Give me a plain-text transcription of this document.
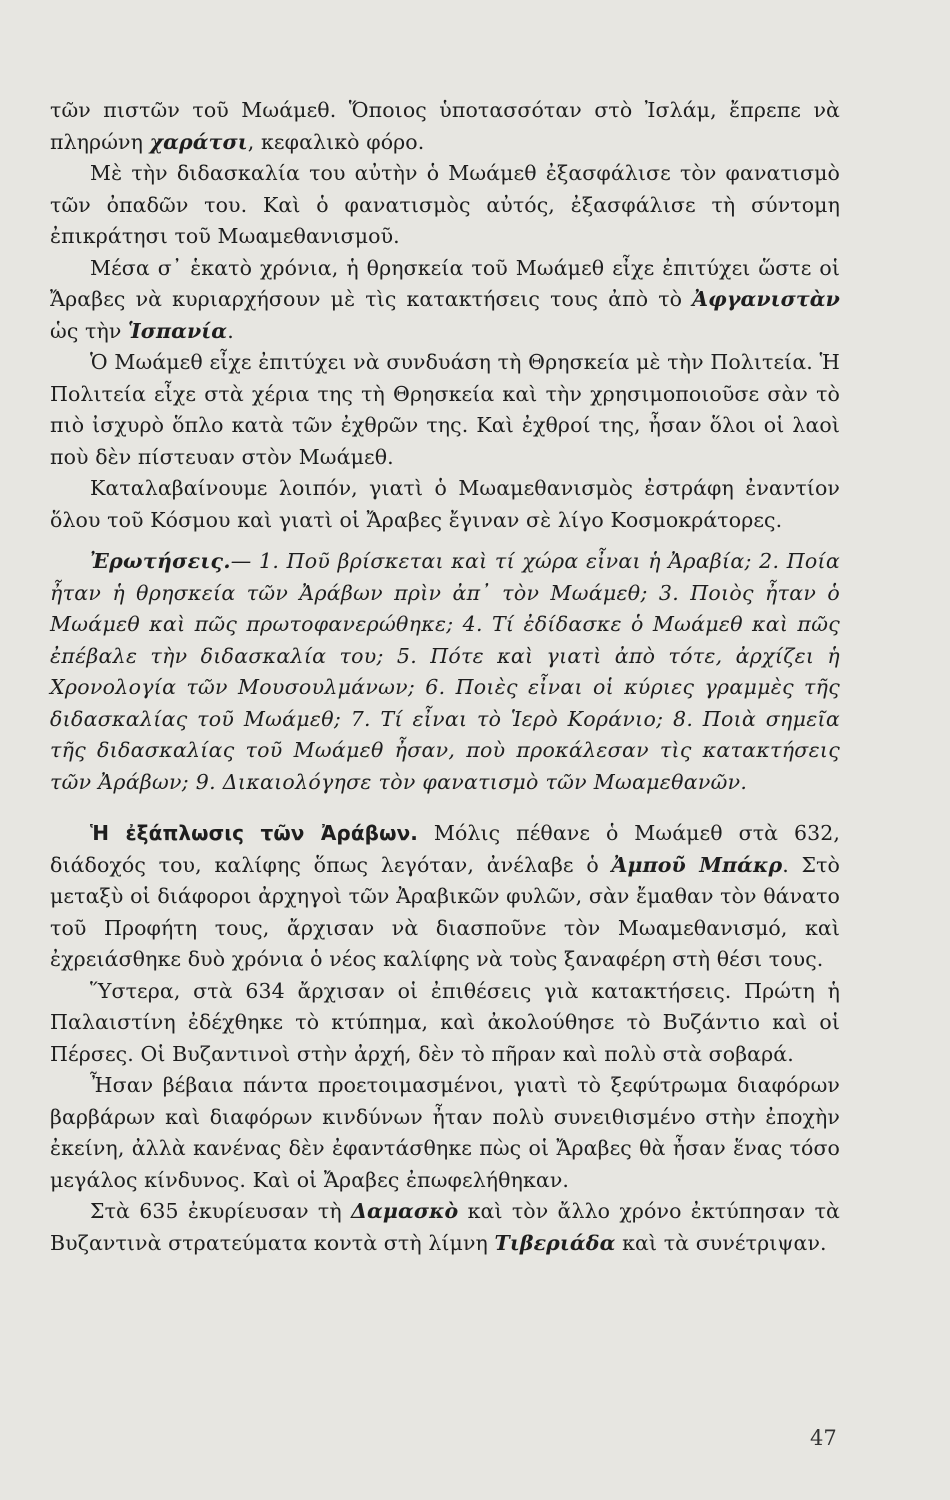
τῶν πιστῶν τοῦ Μωάμεθ. Ὅποιος ὑποτασσόταν στὸ Ἰσλάμ, ἔπρεπε νὰ πληρώνη χαράτσι, κεφαλικὸ φόρο.

Μὲ τὴν διδασκαλία του αὐτὴν ὁ Μωάμεθ ἐξασφάλισε τὸν φανατισμὸ τῶν ὀπαδῶν του. Καὶ ὁ φανατισμὸς αὐτός, ἐξασφάλισε τὴ σύντομη ἐπικράτησι τοῦ Μωαμεθανισμοῦ.

Μέσα σ᾽ ἑκατὸ χρόνια, ἡ θρησκεία τοῦ Μωάμεθ εἶχε ἐπιτύχει ὥστε οἱ Ἄραβες νὰ κυριαρχήσουν μὲ τὶς κατακτήσεις τους ἀπὸ τὸ Ἀφγανιστὰν ὡς τὴν Ἱσπανία.

Ὁ Μωάμεθ εἶχε ἐπιτύχει νὰ συνδυάση τὴ Θρησκεία μὲ τὴν Πολιτεία. Ἡ Πολιτεία εἶχε στὰ χέρια της τὴ Θρησκεία καὶ τὴν χρησιμοποιοῦσε σὰν τὸ πιὸ ἰσχυρὸ ὅπλο κατὰ τῶν ἐχθρῶν της. Καὶ ἐχθροί της, ἦσαν ὅλοι οἱ λαοὶ ποὺ δὲν πίστευαν στὸν Μωάμεθ.

Καταλαβαίνουμε λοιπόν, γιατὶ ὁ Μωαμεθανισμὸς ἐστράφη ἐναντίον ὅλου τοῦ Κόσμου καὶ γιατὶ οἱ Ἄραβες ἔγιναν σὲ λίγο Κοσμοκράτορες.

Ἐρωτήσεις.— 1. Ποῦ βρίσκεται καὶ τί χώρα εἶναι ἡ Ἀραβία; 2. Ποία ἦταν ἡ θρησκεία τῶν Ἀράβων πρὶν ἀπ᾽ τὸν Μωάμεθ; 3. Ποιὸς ἦταν ὁ Μωάμεθ καὶ πῶς πρωτοφανερώθηκε; 4. Τί ἐδίδασκε ὁ Μωάμεθ καὶ πῶς ἐπέβαλε τὴν διδασκαλία του; 5. Πότε καὶ γιατὶ ἀπὸ τότε, ἀρχίζει ἡ Χρονολογία τῶν Μουσουλμάνων; 6. Ποιὲς εἶναι οἱ κύριες γραμμὲς τῆς διδασκαλίας τοῦ Μωάμεθ; 7. Τί εἶναι τὸ Ἱερὸ Κοράνιο; 8. Ποιὰ σημεῖα τῆς διδασκαλίας τοῦ Μωάμεθ ἦσαν, ποὺ προκάλεσαν τὶς κατακτήσεις τῶν Ἀράβων; 9. Δικαιολόγησε τὸν φανατισμὸ τῶν Μωαμεθανῶν.

Ἡ ἐξάπλωσις τῶν Ἀράβων. Μόλις πέθανε ὁ Μωάμεθ στὰ 632, διάδοχός του, καλίφης ὅπως λεγόταν, ἀνέλαβε ὁ Ἀμποῦ Μπάκρ. Στὸ μεταξὺ οἱ διάφοροι ἀρχηγοὶ τῶν Ἀραβικῶν φυλῶν, σὰν ἔμαθαν τὸν θάνατο τοῦ Προφήτη τους, ἄρχισαν νὰ διασποῦνε τὸν Μωαμεθανισμό, καὶ ἐχρειάσθηκε δυὸ χρόνια ὁ νέος καλίφης νὰ τοὺς ξαναφέρη στὴ θέσι τους.

Ὕστερα, στὰ 634 ἄρχισαν οἱ ἐπιθέσεις γιὰ κατακτήσεις. Πρώτη ἡ Παλαιστίνη ἐδέχθηκε τὸ κτύπημα, καὶ ἀκολούθησε τὸ Βυζάντιο καὶ οἱ Πέρσες. Οἱ Βυζαντινοὶ στὴν ἀρχή, δὲν τὸ πῆραν καὶ πολὺ στὰ σοβαρά.

Ἦσαν βέβαια πάντα προετοιμασμένοι, γιατὶ τὸ ξεφύτρωμα διαφόρων βαρβάρων καὶ διαφόρων κινδύνων ἦταν πολὺ συνειθισμένο στὴν ἐποχὴν ἐκείνη, ἀλλὰ κανένας δὲν ἐφαντάσθηκε πὼς οἱ Ἄραβες θὰ ἦσαν ἕνας τόσο μεγάλος κίνδυνος. Καὶ οἱ Ἄραβες ἐπωφελήθηκαν.

Στὰ 635 ἐκυρίευσαν τὴ Δαμασκὸ καὶ τὸν ἄλλο χρόνο ἐκτύπησαν τὰ Βυζαντινὰ στρατεύματα κοντὰ στὴ λίμνη Τιβεριάδα καὶ τὰ συνέτριψαν.

47
